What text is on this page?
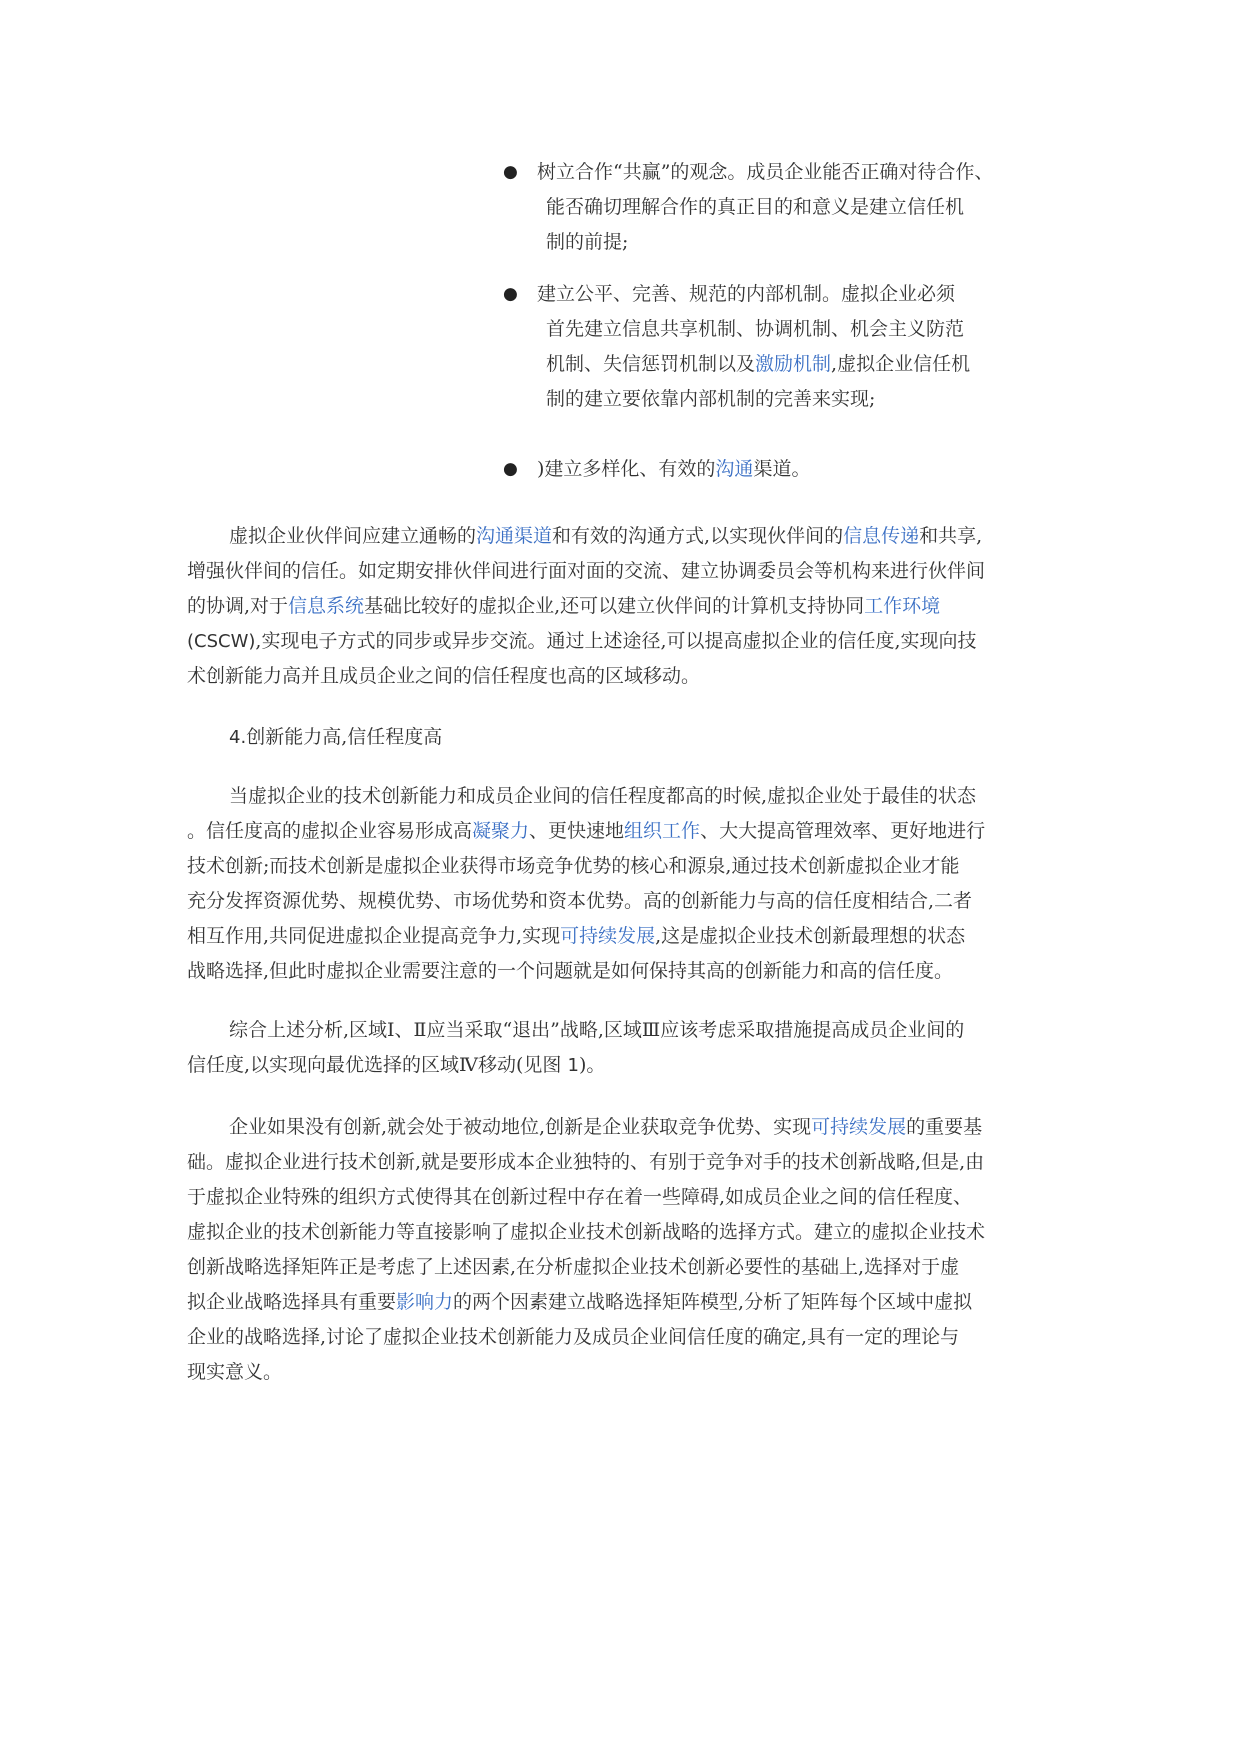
●	树立合作“共赢”的观念。成员企业能否正确对待合作、
能否确切理解合作的真正目的和意义是建立信任机
制的前提;
●	建立公平、完善、规范的内部机制。虚拟企业必须
首先建立信息共享机制、协调机制、机会主义防范
机制、失信惩罚机制以及激励机制,虚拟企业信任机
制的建立要依靠内部机制的完善来实现;
●	)建立多样化、有效的沟通渠道。
虚拟企业伙伴间应建立通畅的沟通渠道和有效的沟通方式,以实现伙伴间的信息传递和共享,
增强伙伴间的信任。如定期安排伙伴间进行面对面的交流、建立协调委员会等机构来进行伙伴间
的协调,对于信息系统基础比较好的虚拟企业,还可以建立伙伴间的计算机支持协同工作环境
(CSCW),实现电子方式的同步或异步交流。通过上述途径,可以提高虚拟企业的信任度,实现向技
术创新能力高并且成员企业之间的信任程度也高的区域移动。
4.创新能力高,信任程度高
当虚拟企业的技术创新能力和成员企业间的信任程度都高的时候,虚拟企业处于最佳的状态
。信任度高的虚拟企业容易形成高凝聚力、更快速地组织工作、大大提高管理效率、更好地进行
技术创新;而技术创新是虚拟企业获得市场竞争优势的核心和源泉,通过技术创新虚拟企业才能
充分发挥资源优势、规模优势、市场优势和资本优势。高的创新能力与高的信任度相结合,二者
相互作用,共同促进虚拟企业提高竞争力,实现可持续发展,这是虚拟企业技术创新最理想的状态
战略选择,但此时虚拟企业需要注意的一个问题就是如何保持其高的创新能力和高的信任度。
综合上述分析,区域Ⅰ、Ⅱ应当采取“退出”战略,区域Ⅲ应该考虑采取措施提高成员企业间的
信任度,以实现向最优选择的区域Ⅳ移动(见图 1)。
企业如果没有创新,就会处于被动地位,创新是企业获取竞争优势、实现可持续发展的重要基
础。虚拟企业进行技术创新,就是要形成本企业独特的、有别于竞争对手的技术创新战略,但是,由
于虚拟企业特殊的组织方式使得其在创新过程中存在着一些障碍,如成员企业之间的信任程度、
虚拟企业的技术创新能力等直接影响了虚拟企业技术创新战略的选择方式。建立的虚拟企业技术
创新战略选择矩阵正是考虑了上述因素,在分析虚拟企业技术创新必要性的基础上,选择对于虚
拟企业战略选择具有重要影响力的两个因素建立战略选择矩阵模型,分析了矩阵每个区域中虚拟
企业的战略选择,讨论了虚拟企业技术创新能力及成员企业间信任度的确定,具有一定的理论与
现实意义。
